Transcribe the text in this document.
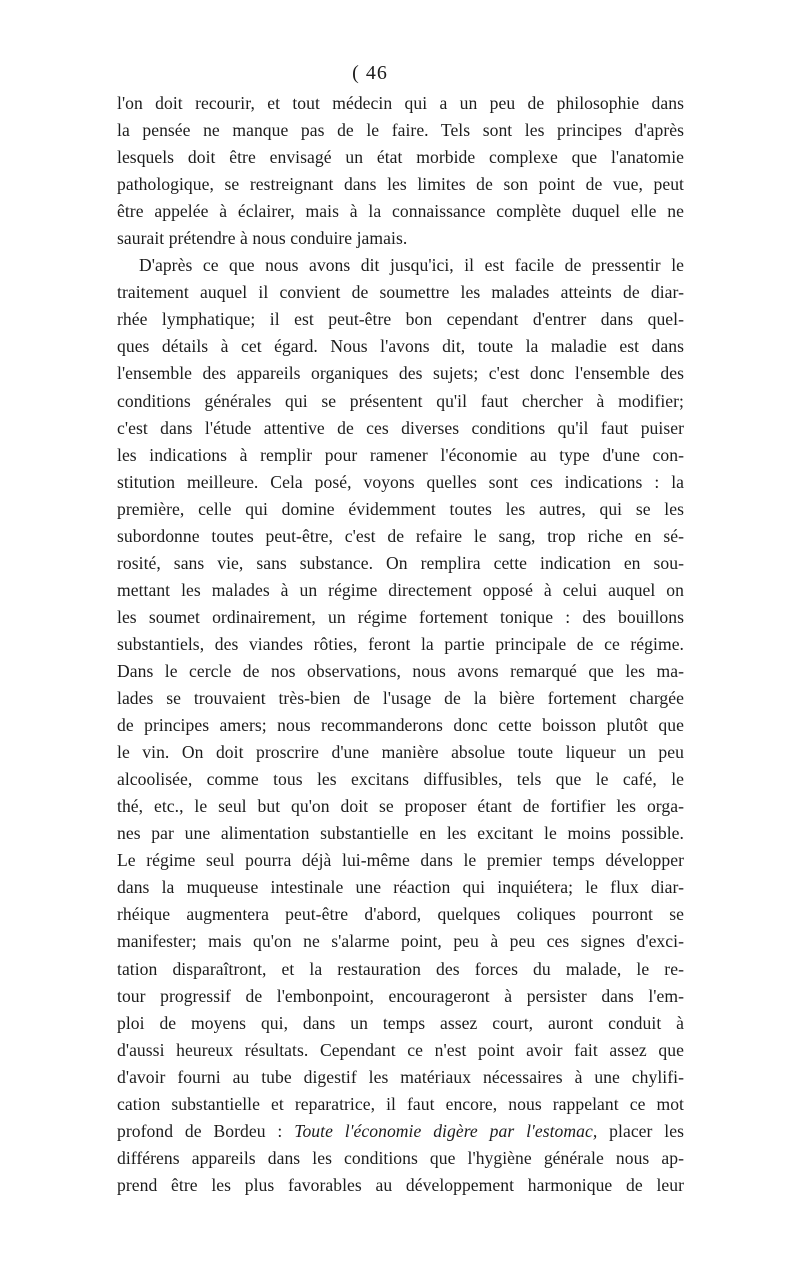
( 46
l'on doit recourir, et tout médecin qui a un peu de philosophie dans
la pensée ne manque pas de le faire. Tels sont les principes d'après
lesquels doit être envisagé un état morbide complexe que l'anatomie
pathologique, se restreignant dans les limites de son point de vue, peut
être appelée à éclairer, mais à la connaissance complète duquel elle ne
saurait prétendre à nous conduire jamais.
D'après ce que nous avons dit jusqu'ici, il est facile de pressentir le
traitement auquel il convient de soumettre les malades atteints de diar-
rhée lymphatique; il est peut-être bon cependant d'entrer dans quel-
ques détails à cet égard. Nous l'avons dit, toute la maladie est dans
l'ensemble des appareils organiques des sujets; c'est donc l'ensemble des
conditions générales qui se présentent qu'il faut chercher à modifier;
c'est dans l'étude attentive de ces diverses conditions qu'il faut puiser
les indications à remplir pour ramener l'économie au type d'une con-
stitution meilleure. Cela posé, voyons quelles sont ces indications : la
première, celle qui domine évidemment toutes les autres, qui se les
subordonne toutes peut-être, c'est de refaire le sang, trop riche en sé-
rosité, sans vie, sans substance. On remplira cette indication en sou-
mettant les malades à un régime directement opposé à celui auquel on
les soumet ordinairement, un régime fortement tonique : des bouillons
substantiels, des viandes rôties, feront la partie principale de ce régime.
Dans le cercle de nos observations, nous avons remarqué que les ma-
lades se trouvaient très-bien de l'usage de la bière fortement chargée
de principes amers; nous recommanderons donc cette boisson plutôt que
le vin. On doit proscrire d'une manière absolue toute liqueur un peu
alcoolisée, comme tous les excitans diffusibles, tels que le café, le
thé, etc., le seul but qu'on doit se proposer étant de fortifier les orga-
nes par une alimentation substantielle en les excitant le moins possible.
Le régime seul pourra déjà lui-même dans le premier temps développer
dans la muqueuse intestinale une réaction qui inquiétera; le flux diar-
rhéique augmentera peut-être d'abord, quelques coliques pourront se
manifester; mais qu'on ne s'alarme point, peu à peu ces signes d'exci-
tation disparaîtront, et la restauration des forces du malade, le re-
tour progressif de l'embonpoint, encourageront à persister dans l'em-
ploi de moyens qui, dans un temps assez court, auront conduit à
d'aussi heureux résultats. Cependant ce n'est point avoir fait assez que
d'avoir fourni au tube digestif les matériaux nécessaires à une chylifi-
cation substantielle et reparatrice, il faut encore, nous rappelant ce mot
profond de Bordeu : Toute l'économie digère par l'estomac, placer les
différens appareils dans les conditions que l'hygiène générale nous ap-
prend être les plus favorables au développement harmonique de leur
